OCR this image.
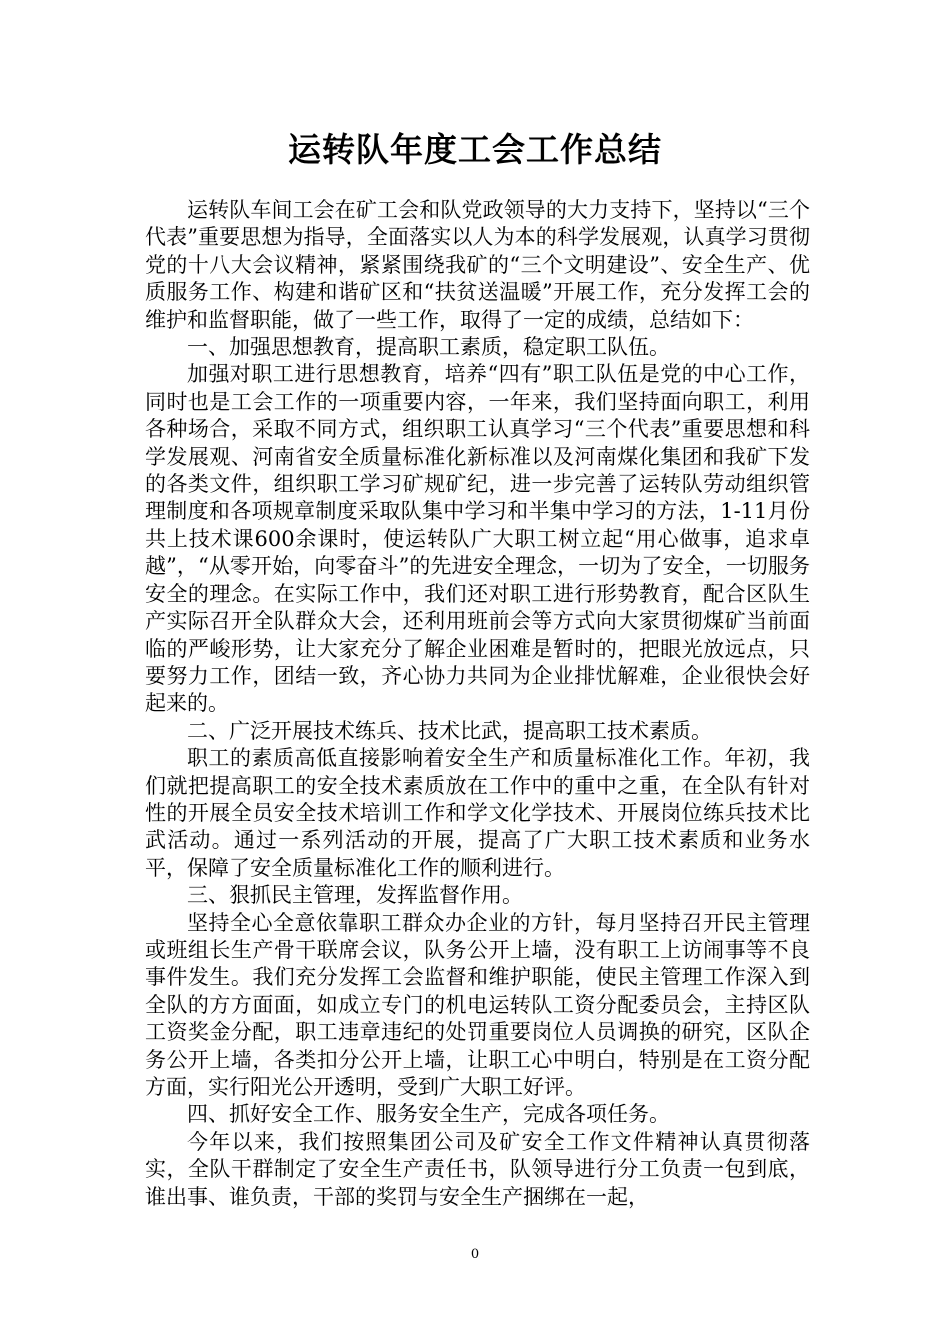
运转队年度工会工作总结

运转队车间工会在矿工会和队党政领导的大力支持下，坚持以“三个代表”重要思想为指导，全面落实以人为本的科学发展观，认真学习贯彻党的十八大会议精神，紧紧围绕我矿的“三个文明建设”、安全生产、优质服务工作、构建和谐矿区和“扶贫送温暖”开展工作，充分发挥工会的维护和监督职能，做了一些工作，取得了一定的成绩，总结如下：

一、加强思想教育，提高职工素质，稳定职工队伍。

加强对职工进行思想教育，培养“四有”职工队伍是党的中心工作，同时也是工会工作的一项重要内容，一年来，我们坚持面向职工，利用各种场合，采取不同方式，组织职工认真学习“三个代表”重要思想和科学发展观、河南省安全质量标准化新标准以及河南煤化集团和我矿下发的各类文件，组织职工学习矿规矿纪，进一步完善了运转队劳动组织管理制度和各项规章制度采取队集中学习和半集中学习的方法，1-11月份共上技术课600余课时，使运转队广大职工树立起“用心做事，追求卓越”，“从零开始，向零奋斗”的先进安全理念，一切为了安全，一切服务安全的理念。在实际工作中，我们还对职工进行形势教育，配合区队生产实际召开全队群众大会，还利用班前会等方式向大家贯彻煤矿当前面临的严峻形势，让大家充分了解企业困难是暂时的，把眼光放远点，只要努力工作，团结一致，齐心协力共同为企业排忧解难，企业很快会好起来的。

二、广泛开展技术练兵、技术比武，提高职工技术素质。

职工的素质高低直接影响着安全生产和质量标准化工作。年初，我们就把提高职工的安全技术素质放在工作中的重中之重，在全队有针对性的开展全员安全技术培训工作和学文化学技术、开展岗位练兵技术比武活动。通过一系列活动的开展，提高了广大职工技术素质和业务水平，保障了安全质量标准化工作的顺利进行。

三、狠抓民主管理，发挥监督作用。

坚持全心全意依靠职工群众办企业的方针，每月坚持召开民主管理或班组长生产骨干联席会议，队务公开上墙，没有职工上访闹事等不良事件发生。我们充分发挥工会监督和维护职能，使民主管理工作深入到全队的方方面面，如成立专门的机电运转队工资分配委员会，主持区队工资奖金分配，职工违章违纪的处罚重要岗位人员调换的研究，区队企务公开上墙，各类扣分公开上墙，让职工心中明白，特别是在工资分配方面，实行阳光公开透明，受到广大职工好评。

四、抓好安全工作、服务安全生产，完成各项任务。

今年以来，我们按照集团公司及矿安全工作文件精神认真贯彻落实，全队干群制定了安全生产责任书，队领导进行分工负责一包到底，谁出事、谁负责，干部的奖罚与安全生产捆绑在一起，

0
